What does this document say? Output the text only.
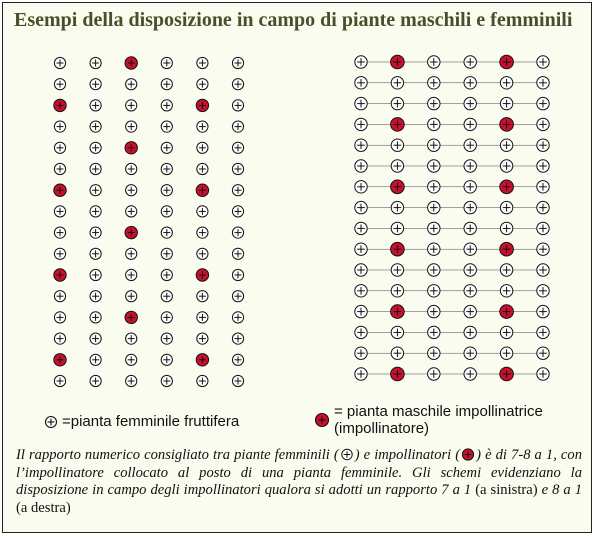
Esempi della disposizione in campo di piante maschili e femminili
=pianta femminile fruttifera
= pianta maschile impollinatrice
(impollinatore)

Il rapporto numerico consigliato tra piante femminili ( ) e impollinatori ( ) è di 7-8 a 1, con l’impollinatore collocato al posto di una pianta femminile. Gli schemi evidenziano la disposizione in campo degli impollinatori qualora si adotti un rapporto 7 a 1 (a sinistra) e 8 a 1 (a destra)
